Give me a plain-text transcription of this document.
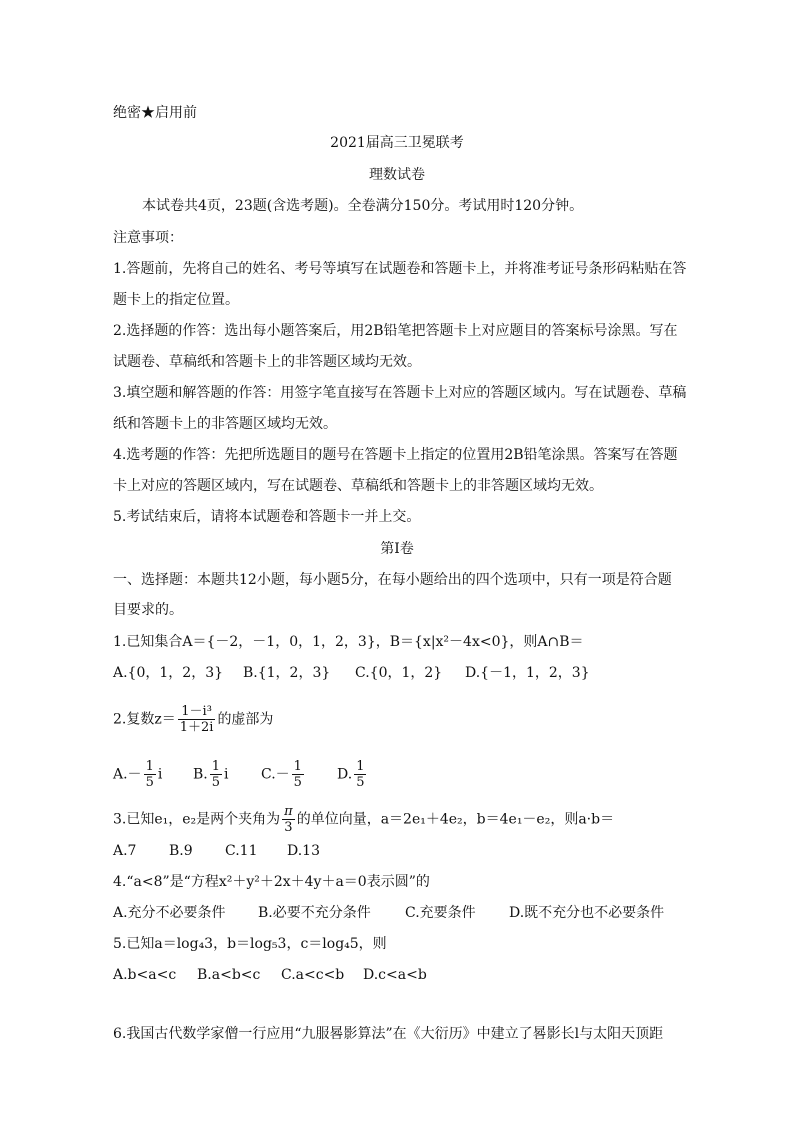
绝密★启用前
2021届高三卫冕联考
理数试卷
本试卷共4页，23题(含选考题)。全卷满分150分。考试用时120分钟。
注意事项：
1.答题前，先将自己的姓名、考号等填写在试题卷和答题卡上，并将准考证号条形码粘贴在答
题卡上的指定位置。
2.选择题的作答：选出每小题答案后，用2B铅笔把答题卡上对应题目的答案标号涂黑。写在
试题卷、草稿纸和答题卡上的非答题区域均无效。
3.填空题和解答题的作答：用签字笔直接写在答题卡上对应的答题区域内。写在试题卷、草稿
纸和答题卡上的非答题区域均无效。
4.选考题的作答：先把所选题目的题号在答题卡上指定的位置用2B铅笔涂黑。答案写在答题
卡上对应的答题区域内，写在试题卷、草稿纸和答题卡上的非答题区域均无效。
5.考试结束后，请将本试题卷和答题卡一并上交。
第Ⅰ卷
一、选择题：本题共12小题，每小题5分，在每小题给出的四个选项中，只有一项是符合题
目要求的。
1.已知集合A＝{－2，－1，0，1，2，3}，B＝{x|x²－4x<0}，则A∩B＝
A.{0，1，2，3} B.{1，2，3} C.{0，1，2} D.{－1，1，2，3}
2.复数$z= \frac{\text{1－i³}}{1+2i}$ 的虚部为
$A.- \frac{1}{5}$ i B. $\frac{1}{5}$ i $C.- \frac{1}{5} D$. $\frac{1}{5}$
3.已知e₁，e₂是两个夹角为 $\frac{\pi}{3}$ 的单位向量，a＝2e₁＋4e₂，b＝4e₁－e₂，则a·b＝
A.7 B.9 C.11 D.13
4.“a<8”是“方程x²＋y²＋2x＋4y＋a＝0表示圆”的
A.充分不必要条件 B.必要不充分条件 C.充要条件 D.既不充分也不必要条件
5.已知a＝log₄3，b＝log₅3，c＝log₄5，则
A.b<a<c B.a<b<c C.a<c<b D.c<a<b
6.我国古代数学家僧一行应用“九服晷影算法”在《大衍历》中建立了晷影长l与太阳天顶距
